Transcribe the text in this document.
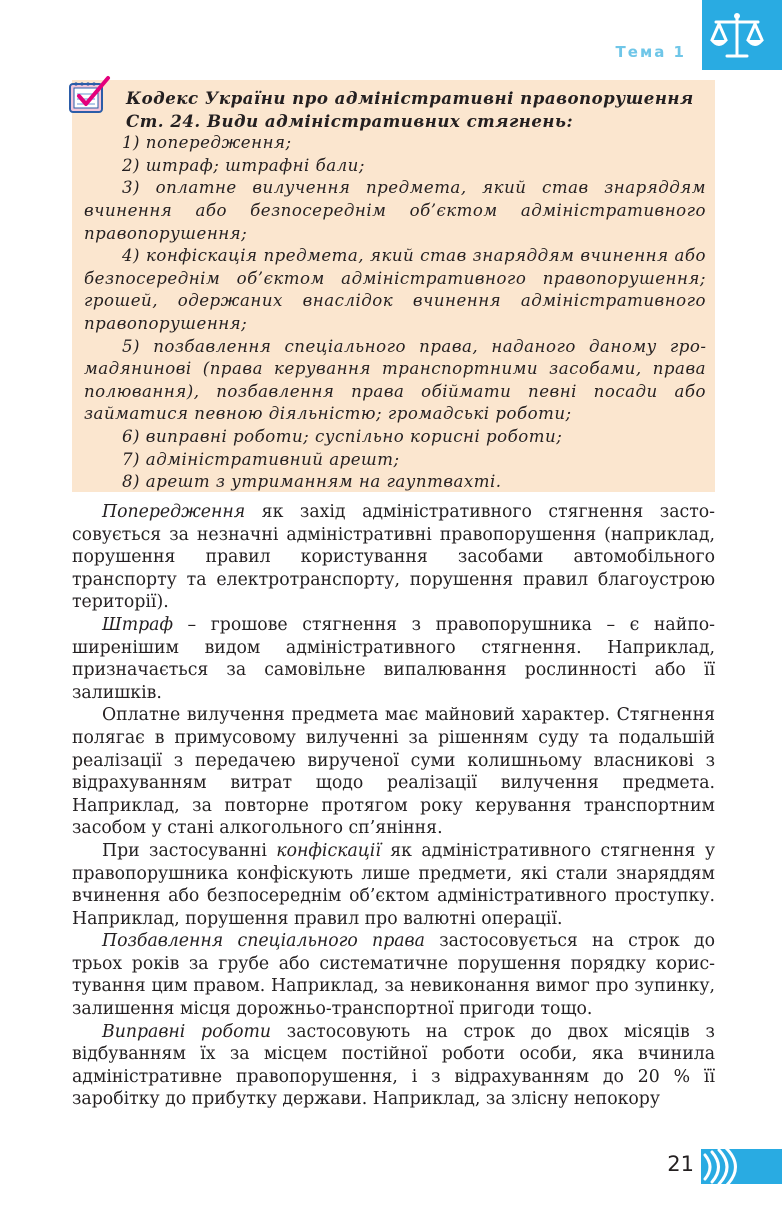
Тема 1

Кодекс України про адміністративні правопорушення

Ст. 24. Види адміністративних стягнень:

1) попередження;

2) штраф; штрафні бали;

3) оплатне вилучення предмета, який став знаряддям вчинення або безпосереднім об’єктом адміністративного правопорушення;

4) конфіскація предмета, який став знаряддям вчинення або безпосереднім об’єктом адміністративного правопорушення; грошей, одержаних внаслідок вчинення адміністративного правопорушення;

5) позбавлення спеціального права, наданого даному громадянинові (права керування транспортними засобами, права полювання), позбавлення права обіймати певні посади або займатися певною діяльністю; громадські роботи;

6) виправні роботи; суспільно корисні роботи;

7) адміністративний арешт;

8) арешт з утриманням на гауптвахті.

Попередження як захід адміністративного стягнення застосовується за незначні адміністративні правопорушення (наприклад, порушення правил користування засобами автомобільного транспорту та електротранспорту, порушення правил благоустрою території).

Штраф – грошове стягнення з правопорушника – є найпоширенішим видом адміністративного стягнення. Наприклад, призначається за самовільне випалювання рослинності або її залишків.

Оплатне вилучення предмета має майновий характер. Стягнення полягає в примусовому вилученні за рішенням суду та подальшій реалізації з передачею вирученої суми колишньому власникові з відрахуванням витрат щодо реалізації вилучення предмета. Наприклад, за повторне протягом року керування транспортним засобом у стані алкогольного сп’яніння.

При застосуванні конфіскації як адміністративного стягнення у правопорушника конфіскують лише предмети, які стали знаряддям вчинення або безпосереднім об’єктом адміністративного проступку. Наприклад, порушення правил про валютні операції.

Позбавлення спеціального права застосовується на строк до трьох років за грубе або систематичне порушення порядку користування цим правом. Наприклад, за невиконання вимог про зупинку, залишення місця дорожньо-транспортної пригоди тощо.

Виправні роботи застосовують на строк до двох місяців з відбуванням їх за місцем постійної роботи особи, яка вчинила адміністративне правопорушення, і з відрахуванням до 20 % її заробітку до прибутку держави. Наприклад, за злісну непокору

21
